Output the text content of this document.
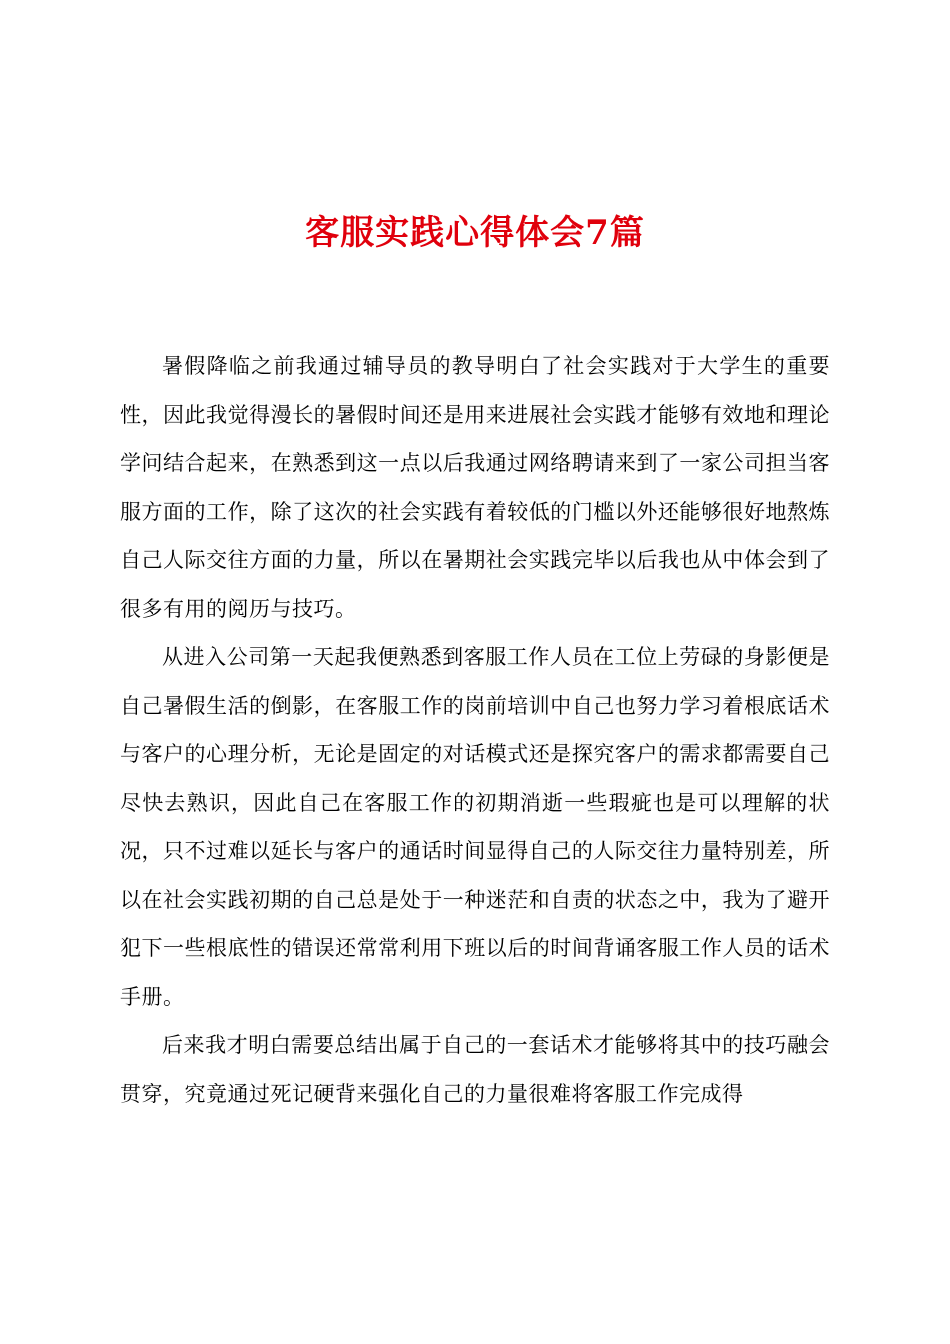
客服实践心得体会7篇

暑假降临之前我通过辅导员的教导明白了社会实践对于大学生的重要性，因此我觉得漫长的暑假时间还是用来进展社会实践才能够有效地和理论学问结合起来，在熟悉到这一点以后我通过网络聘请来到了一家公司担当客服方面的工作，除了这次的社会实践有着较低的门槛以外还能够很好地熬炼自己人际交往方面的力量，所以在暑期社会实践完毕以后我也从中体会到了很多有用的阅历与技巧。

从进入公司第一天起我便熟悉到客服工作人员在工位上劳碌的身影便是自己暑假生活的倒影，在客服工作的岗前培训中自己也努力学习着根底话术与客户的心理分析，无论是固定的对话模式还是探究客户的需求都需要自己尽快去熟识，因此自己在客服工作的初期消逝一些瑕疵也是可以理解的状况，只不过难以延长与客户的通话时间显得自己的人际交往力量特别差，所以在社会实践初期的自己总是处于一种迷茫和自责的状态之中，我为了避开犯下一些根底性的错误还常常利用下班以后的时间背诵客服工作人员的话术手册。

后来我才明白需要总结出属于自己的一套话术才能够将其中的技巧融会贯穿，究竟通过死记硬背来强化自己的力量很难将客服工作完成得
